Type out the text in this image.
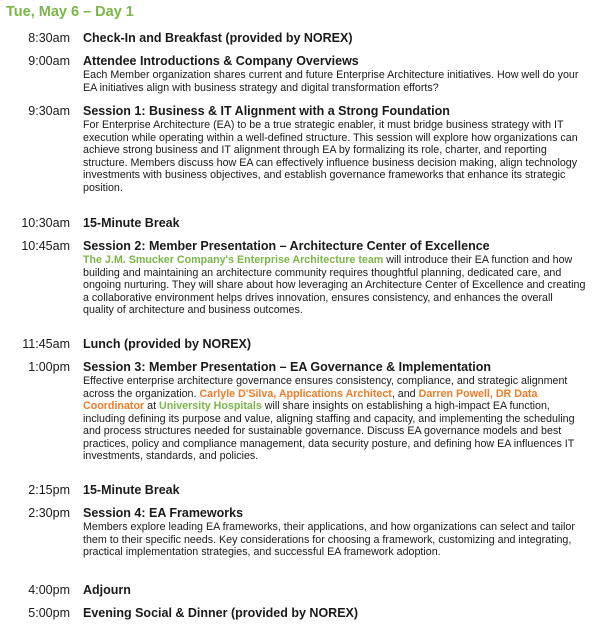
Tue, May 6 – Day 1
8:30am	Check-In and Breakfast (provided by NOREX)
9:00am	Attendee Introductions & Company Overviews

Each Member organization shares current and future Enterprise Architecture initiatives. How well do your EA initiatives align with business strategy and digital transformation efforts?

9:30am	Session 1: Business & IT Alignment with a Strong Foundation

For Enterprise Architecture (EA) to be a true strategic enabler, it must bridge business strategy with IT execution while operating within a well-defined structure. This session will explore how organizations can achieve strong business and IT alignment through EA by formalizing its role, charter, and reporting structure. Members discuss how EA can effectively influence business decision making, align technology investments with business objectives, and establish governance frameworks that enhance its strategic position.

10:30am	15-Minute Break
10:45am	Session 2: Member Presentation – Architecture Center of Excellence

The J.M. Smucker Company's Enterprise Architecture team will introduce their EA function and how building and maintaining an architecture community requires thoughtful planning, dedicated care, and ongoing nurturing. They will share about how leveraging an Architecture Center of Excellence and creating a collaborative environment helps drives innovation, ensures consistency, and enhances the overall quality of architecture and business outcomes.

11:45am	Lunch (provided by NOREX)
1:00pm	Session 3: Member Presentation – EA Governance & Implementation

Effective enterprise architecture governance ensures consistency, compliance, and strategic alignment across the organization. Carlyle D'Silva, Applications Architect, and Darren Powell, DR Data Coordinator at University Hospitals will share insights on establishing a high-impact EA function, including defining its purpose and value, aligning staffing and capacity, and implementing the scheduling and process structures needed for sustainable governance. Discuss EA governance models and best practices, policy and compliance management, data security posture, and defining how EA influences IT investments, standards, and policies.

2:15pm	15-Minute Break
2:30pm	Session 4: EA Frameworks

Members explore leading EA frameworks, their applications, and how organizations can select and tailor them to their specific needs. Key considerations for choosing a framework, customizing and integrating, practical implementation strategies, and successful EA framework adoption.

4:00pm	Adjourn
5:00pm	Evening Social & Dinner (provided by NOREX)
